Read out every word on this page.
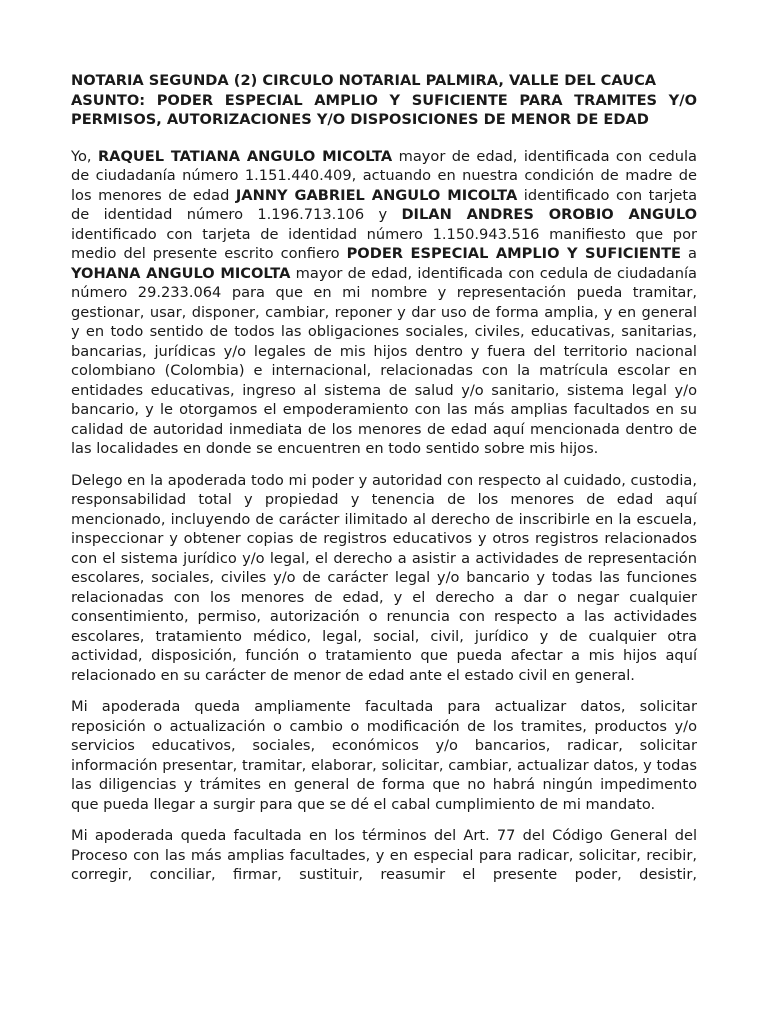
NOTARIA SEGUNDA (2) CIRCULO NOTARIAL PALMIRA, VALLE DEL CAUCA
ASUNTO: PODER ESPECIAL AMPLIO Y SUFICIENTE PARA TRAMITES Y/O
PERMISOS, AUTORIZACIONES Y/O DISPOSICIONES DE MENOR DE EDAD

Yo, RAQUEL TATIANA ANGULO MICOLTA mayor de edad, identificada con cedula de ciudadanía número 1.151.440.409, actuando en nuestra condición de madre de los menores de edad JANNY GABRIEL ANGULO MICOLTA identificado con tarjeta de identidad número 1.196.713.106 y DILAN ANDRES OROBIO ANGULO identificado con tarjeta de identidad número 1.150.943.516 manifiesto que por medio del presente escrito confiero PODER ESPECIAL AMPLIO Y SUFICIENTE a YOHANA ANGULO MICOLTA mayor de edad, identificada con cedula de ciudadanía número 29.233.064 para que en mi nombre y representación pueda tramitar, gestionar, usar, disponer, cambiar, reponer y dar uso de forma amplia, y en general y en todo sentido de todos las obligaciones sociales, civiles, educativas, sanitarias, bancarias, jurídicas y/o legales de mis hijos dentro y fuera del territorio nacional colombiano (Colombia) e internacional, relacionadas con la matrícula escolar en entidades educativas, ingreso al sistema de salud y/o sanitario, sistema legal y/o bancario, y le otorgamos el empoderamiento con las más amplias facultados en su calidad de autoridad inmediata de los menores de edad aquí mencionada dentro de las localidades en donde se encuentren en todo sentido sobre mis hijos.

Delego en la apoderada todo mi poder y autoridad con respecto al cuidado, custodia, responsabilidad total y propiedad y tenencia de los menores de edad aquí mencionado, incluyendo de carácter ilimitado al derecho de inscribirle en la escuela, inspeccionar y obtener copias de registros educativos y otros registros relacionados con el sistema jurídico y/o legal, el derecho a asistir a actividades de representación escolares, sociales, civiles y/o de carácter legal y/o bancario y todas las funciones relacionadas con los menores de edad, y el derecho a dar o negar cualquier consentimiento, permiso, autorización o renuncia con respecto a las actividades escolares, tratamiento médico, legal, social, civil, jurídico y de cualquier otra actividad, disposición, función o tratamiento que pueda afectar a mis hijos aquí relacionado en su carácter de menor de edad ante el estado civil en general.

Mi apoderada queda ampliamente facultada para actualizar datos, solicitar reposición o actualización o cambio o modificación de los tramites, productos y/o servicios educativos, sociales, económicos y/o bancarios, radicar, solicitar información presentar, tramitar, elaborar, solicitar, cambiar, actualizar datos, y todas las diligencias y trámites en general de forma que no habrá ningún impedimento que pueda llegar a surgir para que se dé el cabal cumplimiento de mi mandato.

Mi apoderada queda facultada en los términos del Art. 77 del Código General del Proceso con las más amplias facultades, y en especial para radicar, solicitar, recibir, corregir, conciliar, firmar, sustituir, reasumir el presente poder, desistir,
